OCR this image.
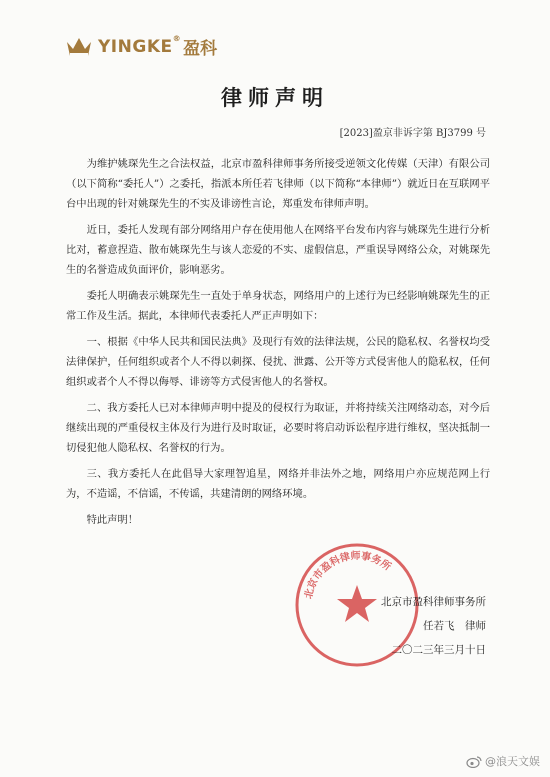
YINGKE ®
盈科
律师声明
[2023]盈京非诉字第 BJ3799 号

为维护姚琛先生之合法权益，北京市盈科律师事务所接受逆领文化传媒（天津）有限公司（以下简称“委托人”）之委托，指派本所任若飞律师（以下简称“本律师”）就近日在互联网平台中出现的针对姚琛先生的不实及诽谤性言论，郑重发布律师声明。

近日，委托人发现有部分网络用户存在使用他人在网络平台发布内容与姚琛先生进行分析比对，蓄意捏造、散布姚琛先生与该人恋爱的不实、虚假信息，严重误导网络公众，对姚琛先生的名誉造成负面评价，影响恶劣。

委托人明确表示姚琛先生一直处于单身状态，网络用户的上述行为已经影响姚琛先生的正常工作及生活。据此，本律师代表委托人严正声明如下：

一、根据《中华人民共和国民法典》及现行有效的法律法规，公民的隐私权、名誉权均受法律保护，任何组织或者个人不得以刺探、侵扰、泄露、公开等方式侵害他人的隐私权，任何组织或者个人不得以侮辱、诽谤等方式侵害他人的名誉权。

二、我方委托人已对本律师声明中提及的侵权行为取证，并将持续关注网络动态，对今后继续出现的严重侵权主体及行为进行及时取证，必要时将启动诉讼程序进行维权，坚决抵制一切侵犯他人隐私权、名誉权的行为。

三、我方委托人在此倡导大家理智追星，网络并非法外之地，网络用户亦应规范网上行为，不造谣，不信谣，不传谣，共建清朗的网络环境。

特此声明！

北京市盈科律师事务所
北京市盈科律师事务所
任若飞　律师
二〇二三年三月十日
@浪天文娱
